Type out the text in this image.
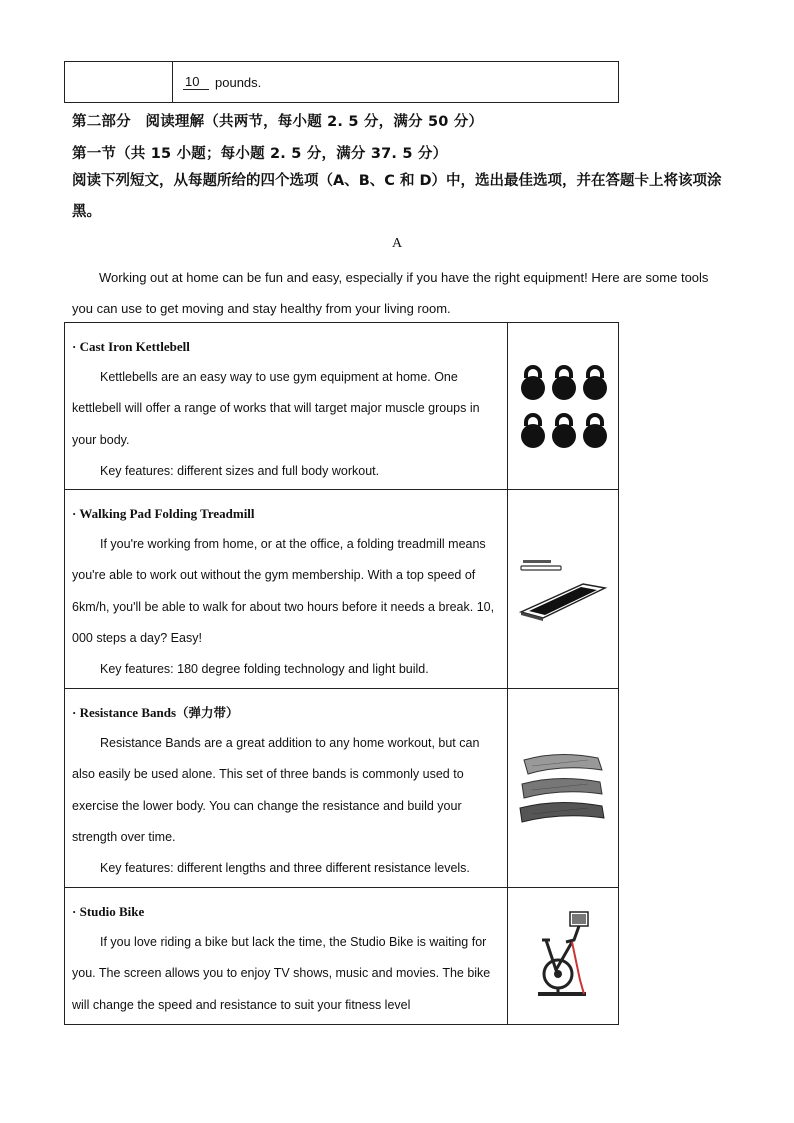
10	pounds.
第二部分　阅读理解（共两节，每小题 2. 5 分，满分 50 分）
第一节（共 15 小题；每小题 2. 5 分，满分 37. 5 分）
阅读下列短文，从每题所给的四个选项（A、B、C 和 D）中，选出最佳选项，并在答题卡上将该项涂黑。
A
Working out at home can be fun and easy, especially if you have the right equipment! Here are some tools you can use to get moving and stay healthy from your living room.
· Cast Iron Kettlebell
Kettlebells are an easy way to use gym equipment at home. One kettlebell will offer a range of works that will target major muscle groups in your body.
Key features: different sizes and full body workout.
· Walking Pad Folding Treadmill
If you're working from home, or at the office, a folding treadmill means you're able to work out without the gym membership. With a top speed of 6km/h, you'll be able to walk for about two hours before it needs a break. 10, 000 steps a day? Easy!
Key features: 180 degree folding technology and light build.
· Resistance Bands（弹力带）
Resistance Bands are a great addition to any home workout, but can also easily be used alone. This set of three bands is commonly used to exercise the lower body. You can change the resistance and build your strength over time.
Key features: different lengths and three different resistance levels.
· Studio Bike
If you love riding a bike but lack the time, the Studio Bike is waiting for you. The screen allows you to enjoy TV shows, music and movies. The bike will change the speed and resistance to suit your fitness level
